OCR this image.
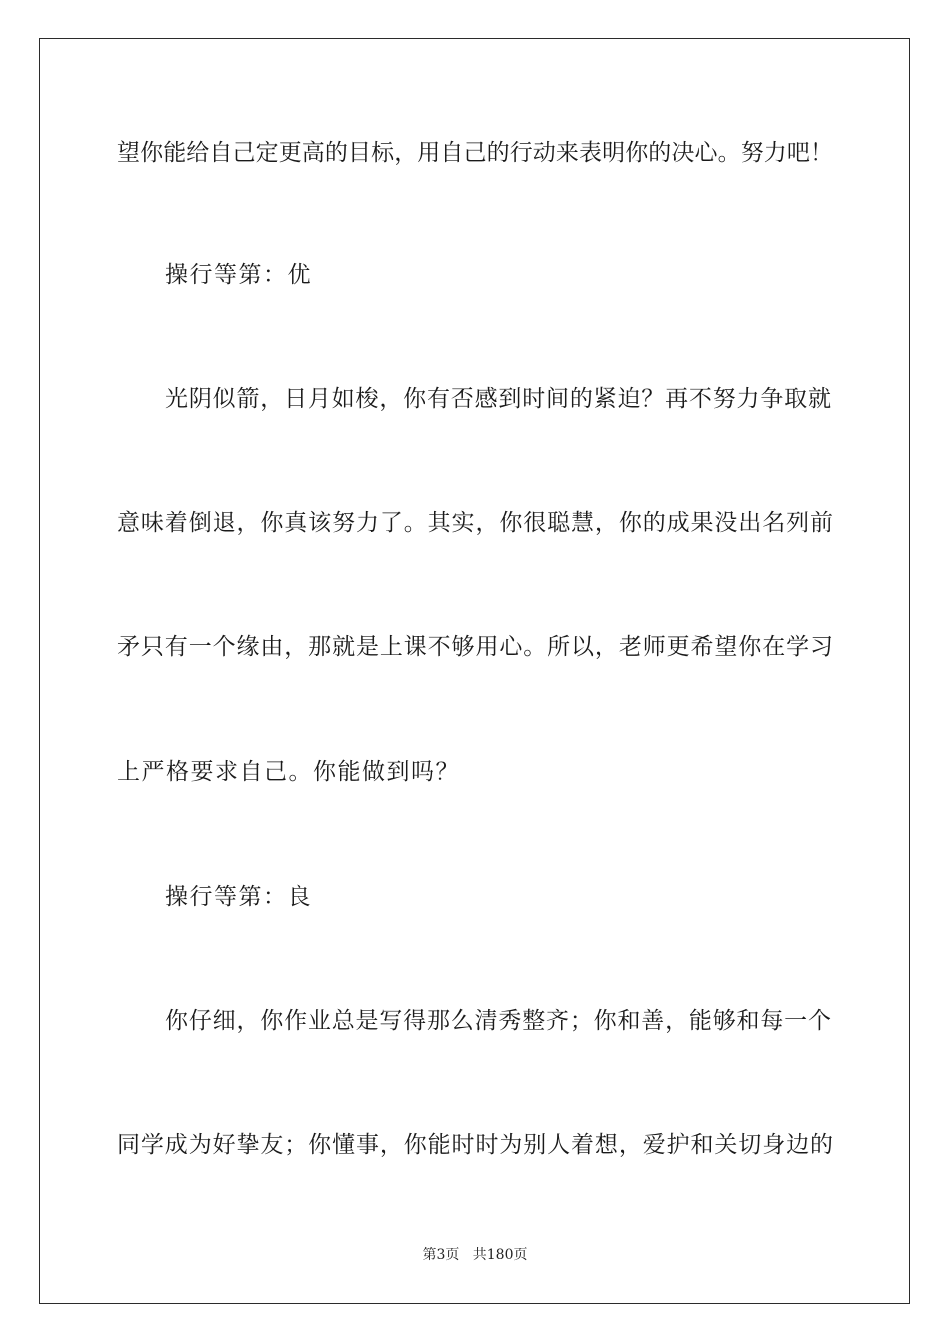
望你能给自己定更高的目标，用自己的行动来表明你的决心。努力吧！
操行等第：优
光阴似箭，日月如梭，你有否感到时间的紧迫？再不努力争取就
意味着倒退，你真该努力了。其实，你很聪慧，你的成果没出名列前
矛只有一个缘由，那就是上课不够用心。所以，老师更希望你在学习
上严格要求自己。你能做到吗？
操行等第：良
你仔细，你作业总是写得那么清秀整齐；你和善，能够和每一个
同学成为好挚友；你懂事，你能时时为别人着想，爱护和关切身边的
第3页 共180页
